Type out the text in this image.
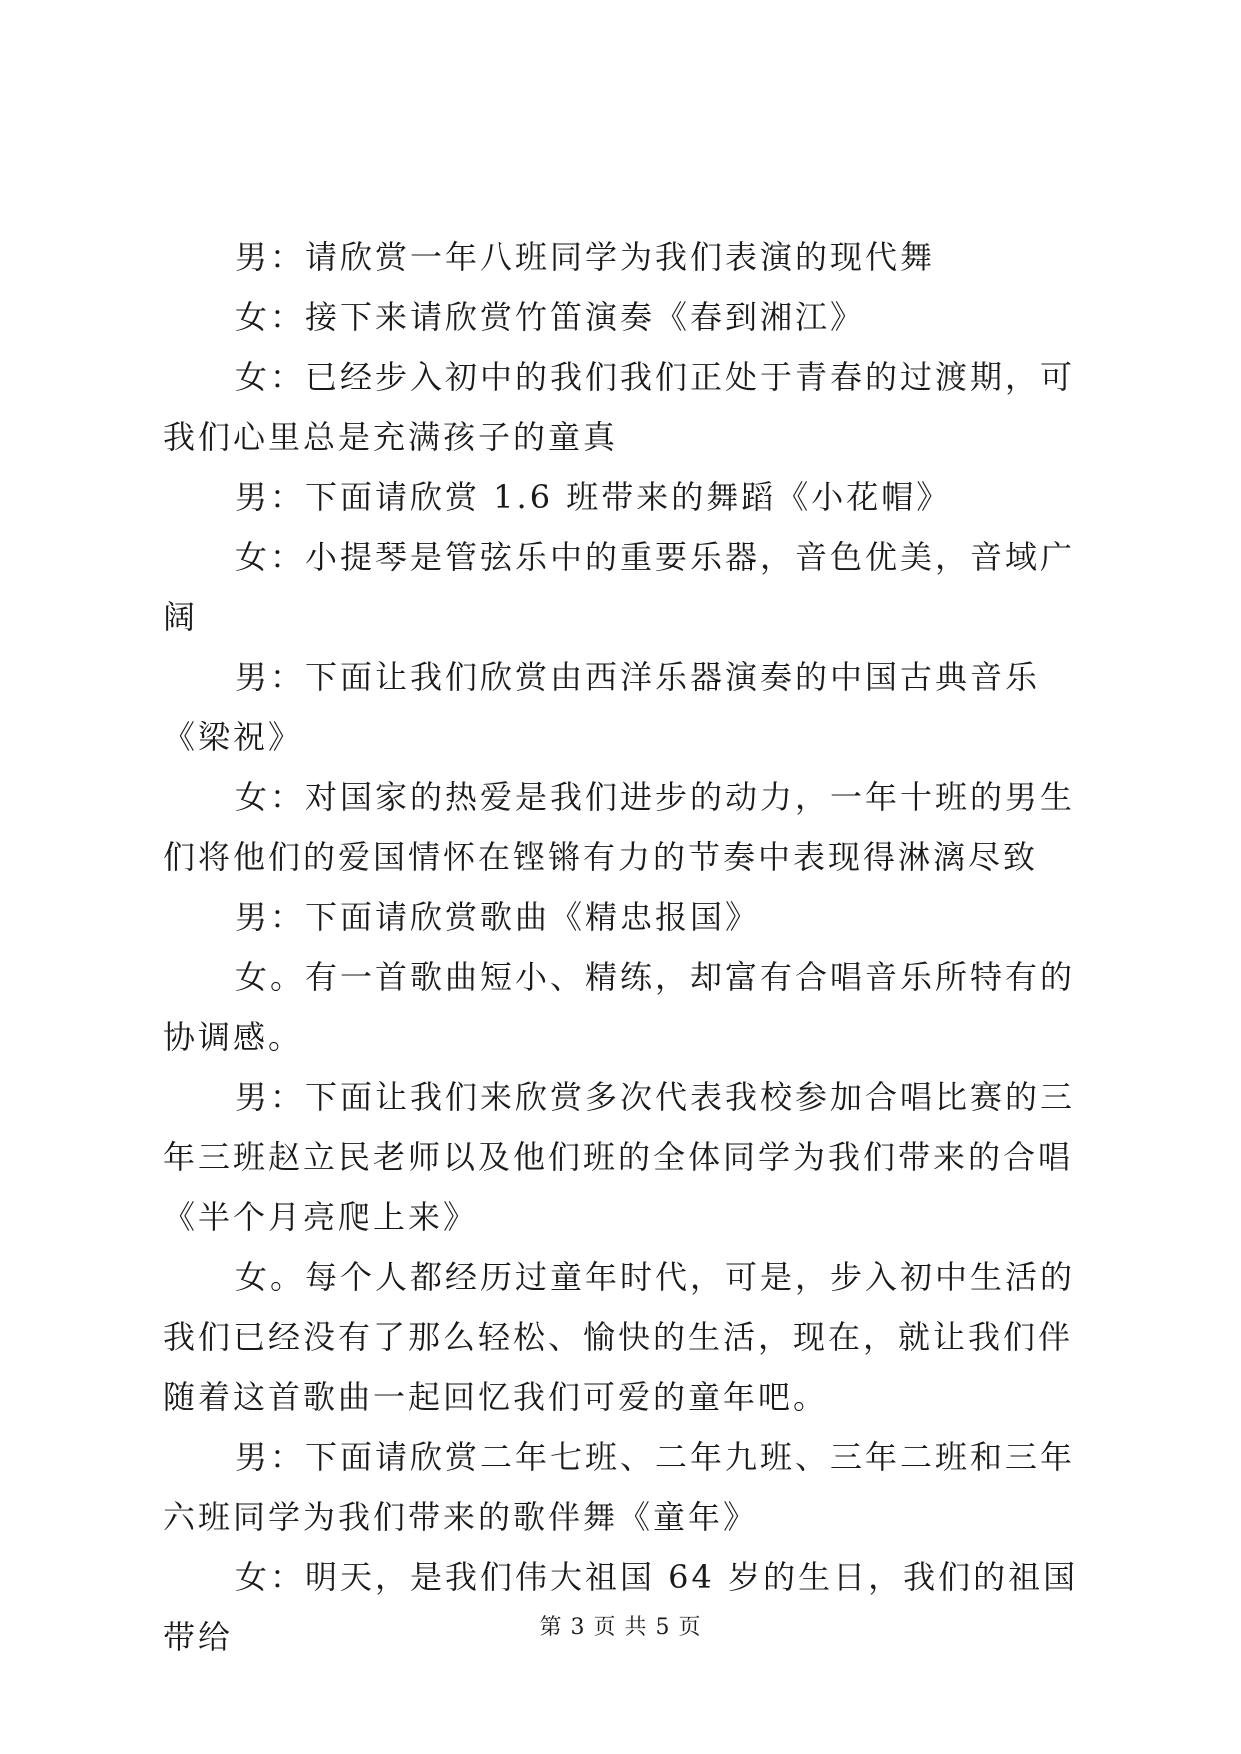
男：请欣赏一年八班同学为我们表演的现代舞

女：接下来请欣赏竹笛演奏《春到湘江》

女：已经步入初中的我们我们正处于青春的过渡期，可我们心里总是充满孩子的童真

男：下面请欣赏 1.6 班带来的舞蹈《小花帽》

女：小提琴是管弦乐中的重要乐器，音色优美，音域广阔

男：下面让我们欣赏由西洋乐器演奏的中国古典音乐《梁祝》

女：对国家的热爱是我们进步的动力，一年十班的男生们将他们的爱国情怀在铿锵有力的节奏中表现得淋漓尽致

男：下面请欣赏歌曲《精忠报国》

女。有一首歌曲短小、精练，却富有合唱音乐所特有的协调感。

男：下面让我们来欣赏多次代表我校参加合唱比赛的三年三班赵立民老师以及他们班的全体同学为我们带来的合唱《半个月亮爬上来》

女。每个人都经历过童年时代，可是，步入初中生活的我们已经没有了那么轻松、愉快的生活，现在，就让我们伴随着这首歌曲一起回忆我们可爱的童年吧。

男：下面请欣赏二年七班、二年九班、三年二班和三年六班同学为我们带来的歌伴舞《童年》

女：明天，是我们伟大祖国 64 岁的生日，我们的祖国带给	第 3 页 共 5 页
